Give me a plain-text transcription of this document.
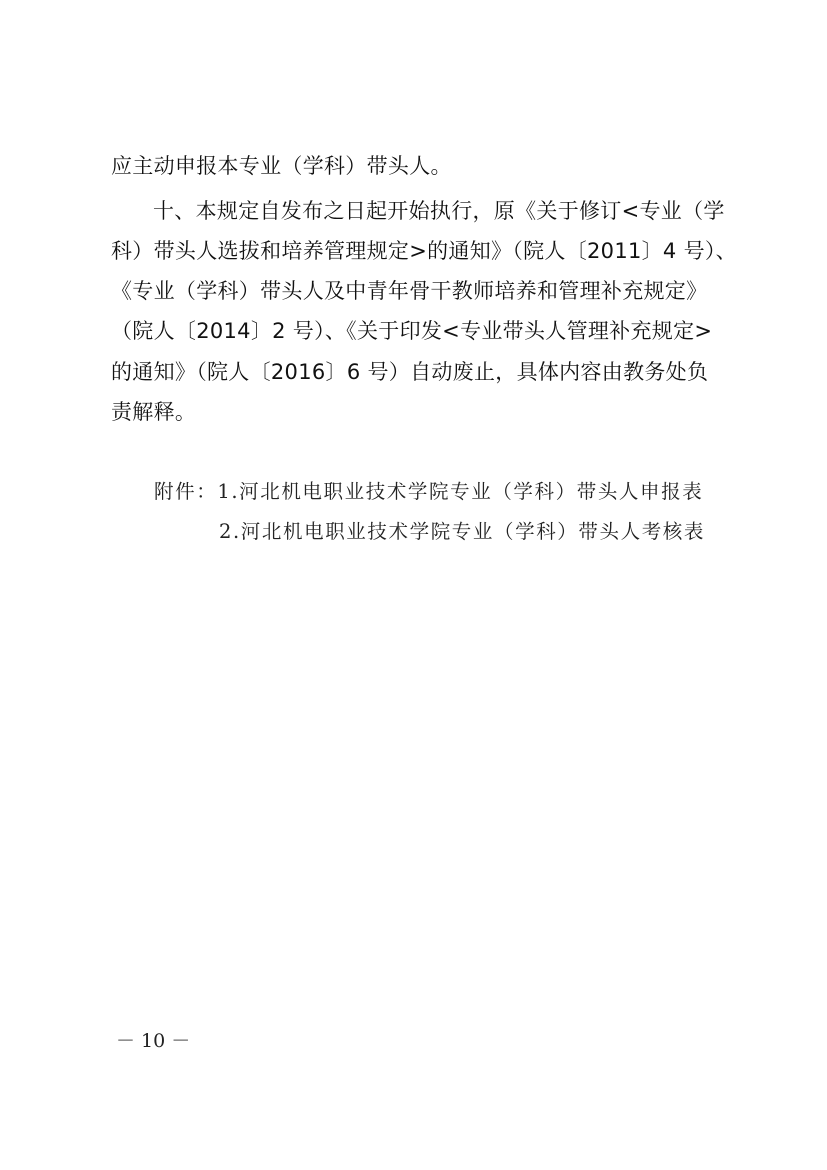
应主动申报本专业（学科）带头人。
十、本规定自发布之日起开始执行，原《关于修订<专业（学
科）带头人选拔和培养管理规定>的通知》（院人〔2011〕4 号）、
《专业（学科）带头人及中青年骨干教师培养和管理补充规定》
（院人〔2014〕2 号）、《关于印发<专业带头人管理补充规定>
的通知》（院人〔2016〕6 号）自动废止，具体内容由教务处负
责解释。
附件：1.河北机电职业技术学院专业（学科）带头人申报表
2.河北机电职业技术学院专业（学科）带头人考核表
－ 10 －
